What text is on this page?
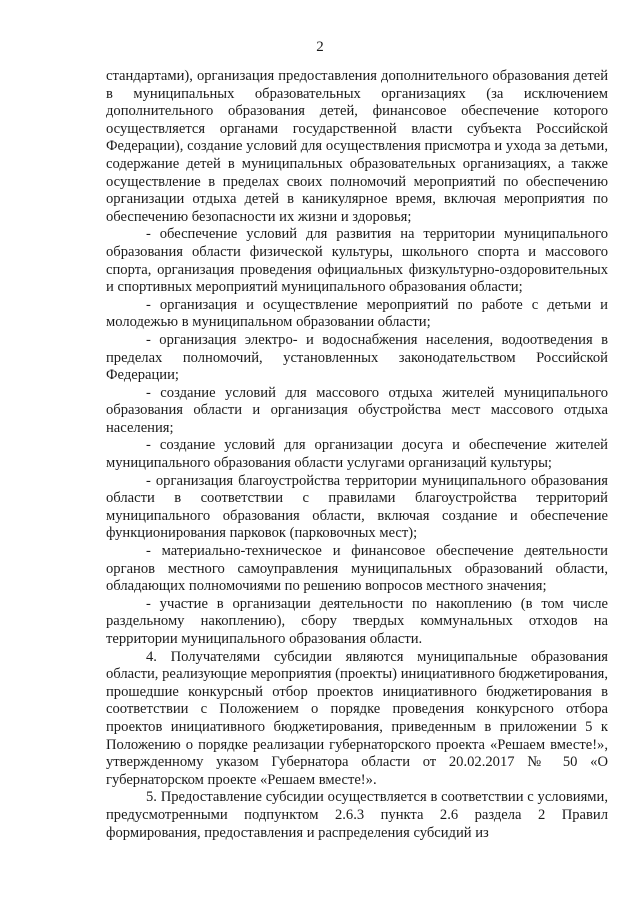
2

стандартами), организация предоставления дополнительного образования детей в муниципальных образовательных организациях (за исключением дополнительного образования детей, финансовое обеспечение которого осуществляется органами государственной власти субъекта Российской Федерации), создание условий для осуществления присмотра и ухода за детьми, содержание детей в муниципальных образовательных организациях, а также осуществление в пределах своих полномочий мероприятий по обеспечению организации отдыха детей в каникулярное время, включая мероприятия по обеспечению безопасности их жизни и здоровья;

- обеспечение условий для развития на территории муниципального образования области физической культуры, школьного спорта и массового спорта, организация проведения официальных физкультурно-оздоровительных и спортивных мероприятий муниципального образования области;

- организация и осуществление мероприятий по работе с детьми и молодежью в муниципальном образовании области;

- организация электро- и водоснабжения населения, водоотведения в пределах полномочий, установленных законодательством Российской Федерации;

- создание условий для массового отдыха жителей муниципального образования области и организация обустройства мест массового отдыха населения;

- создание условий для организации досуга и обеспечение жителей муниципального образования области услугами организаций культуры;

- организация благоустройства территории муниципального образования области в соответствии с правилами благоустройства территорий муниципального образования области, включая создание и обеспечение функционирования парковок (парковочных мест);

- материально-техническое и финансовое обеспечение деятельности органов местного самоуправления муниципальных образований области, обладающих полномочиями по решению вопросов местного значения;

- участие в организации деятельности по накоплению (в том числе раздельному накоплению), сбору твердых коммунальных отходов на территории муниципального образования области.

4. Получателями субсидии являются муниципальные образования области, реализующие мероприятия (проекты) инициативного бюджетирования, прошедшие конкурсный отбор проектов инициативного бюджетирования в соответствии с Положением о порядке проведения конкурсного отбора проектов инициативного бюджетирования, приведенным в приложении 5 к Положению о порядке реализации губернаторского проекта «Решаем вместе!», утвержденному указом Губернатора области от 20.02.2017 № 50 «О губернаторском проекте «Решаем вместе!».

5. Предоставление субсидии осуществляется в соответствии с условиями, предусмотренными подпунктом 2.6.3 пункта 2.6 раздела 2 Правил формирования, предоставления и распределения субсидий из
